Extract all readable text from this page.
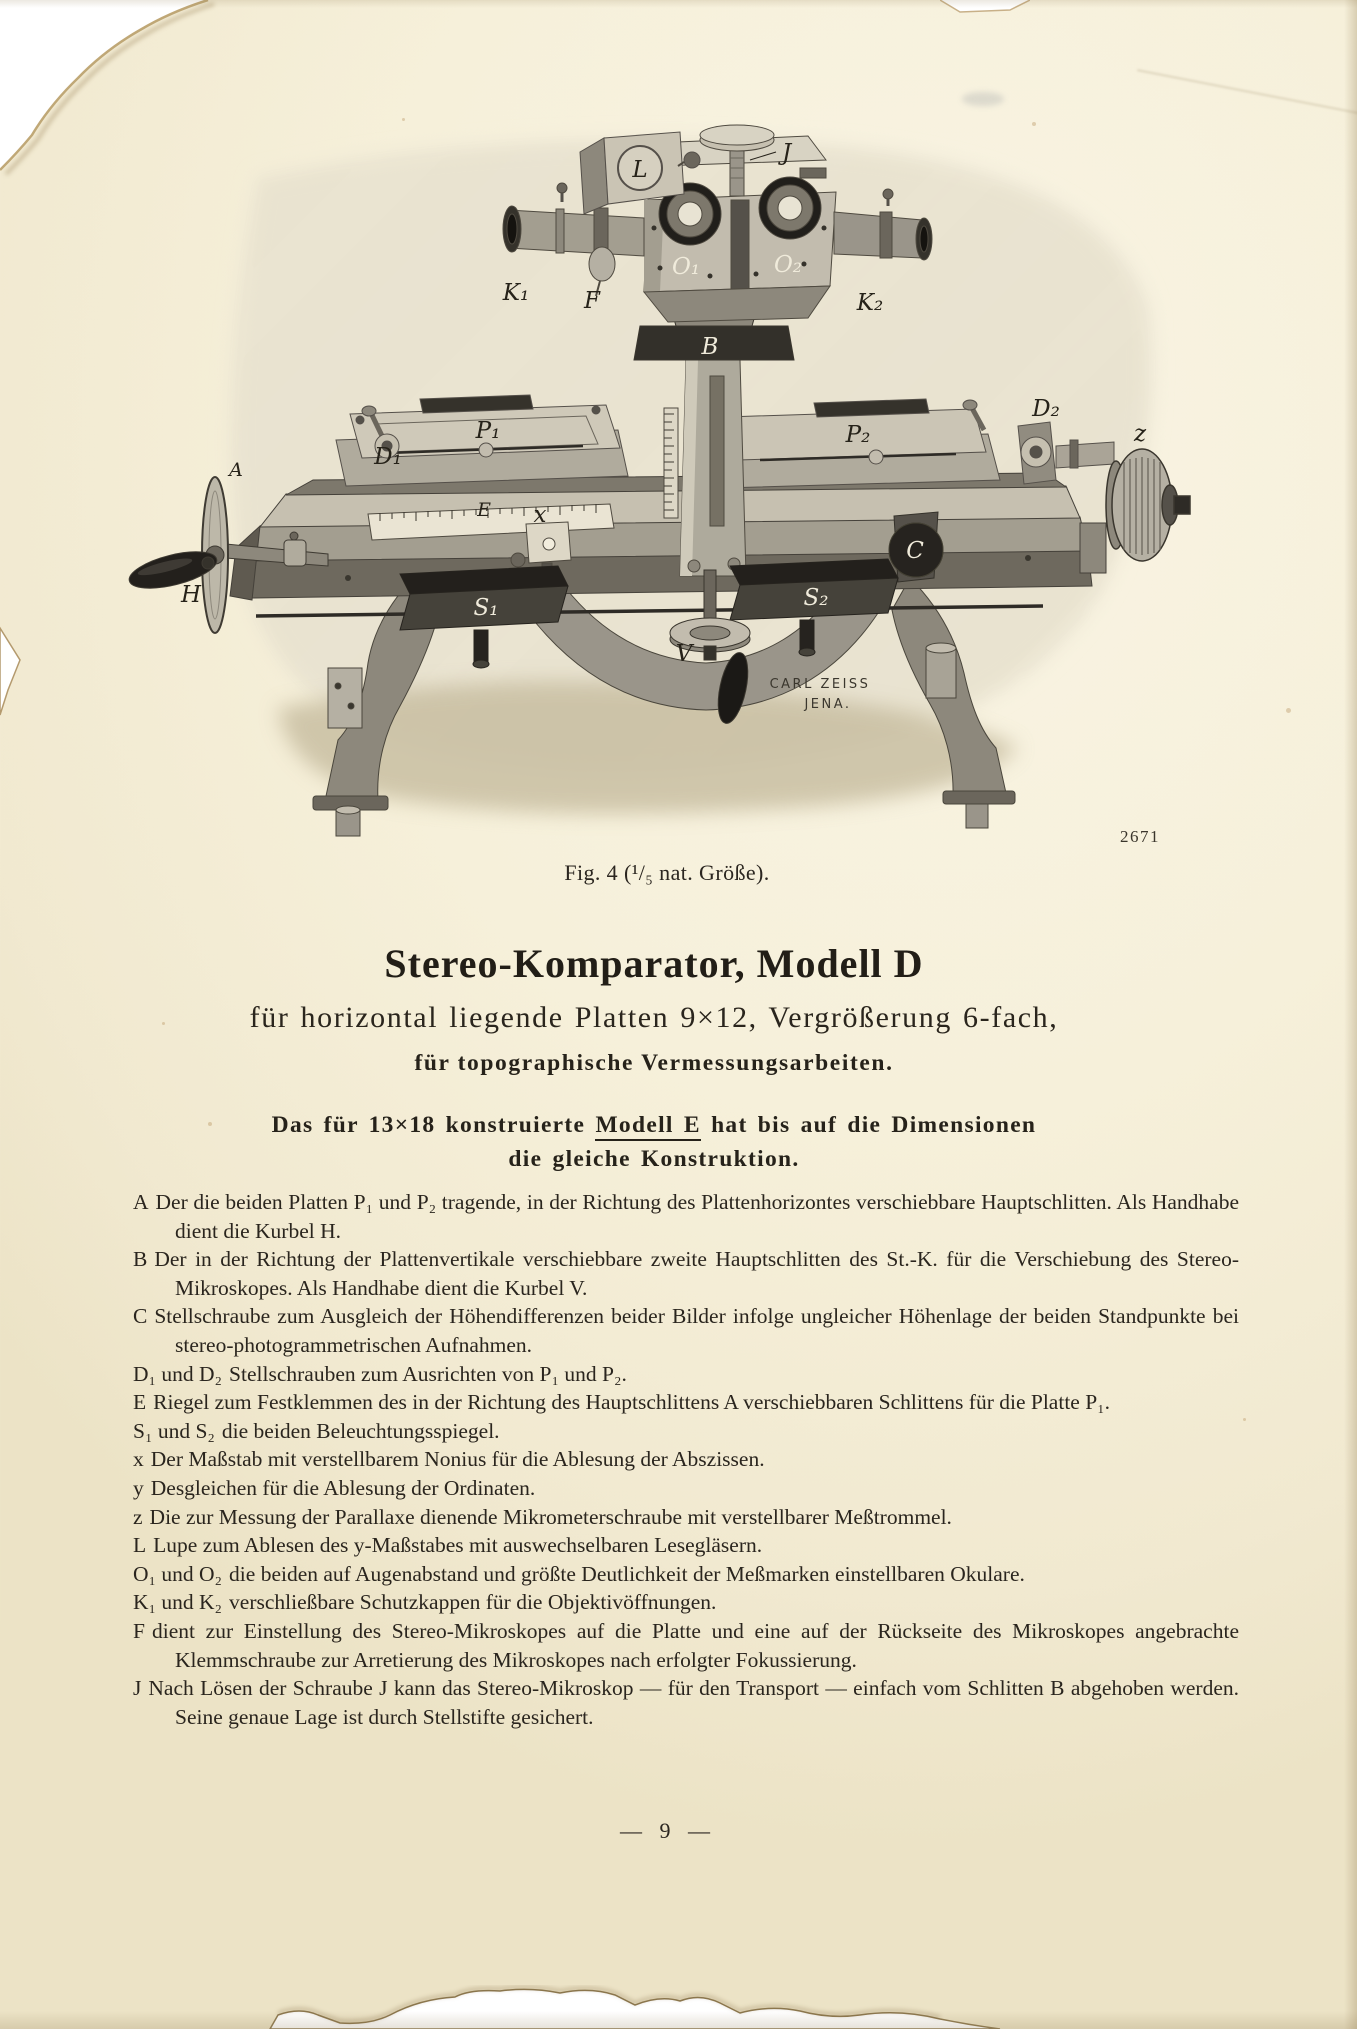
CARL ZEISS
JENA.
L
J
K₁ F
O₁	O₂
K₂
B
P₁
D₁
P₂
D₂
z
C
x
H	S₁	S₂
V
A
E
2671
Fig. 4 (¹/₅ nat. Größe).
Stereo-Komparator, Modell D
für horizontal liegende Platten 9×12, Vergrößerung 6-fach,
für topographische Vermessungsarbeiten.
Das für 13×18 konstruierte Modell E hat bis auf die Dimensionen
die gleiche Konstruktion.

A Der die beiden Platten P₁ und P₂ tragende, in der Richtung des Plattenhorizontes verschiebbare Hauptschlitten. Als Handhabe dient die Kurbel H.

B Der in der Richtung der Plattenvertikale verschiebbare zweite Hauptschlitten des St.-K. für die Verschiebung des Stereo-Mikroskopes. Als Handhabe dient die Kurbel V.

C Stellschraube zum Ausgleich der Höhendifferenzen beider Bilder infolge ungleicher Höhenlage der beiden Standpunkte bei stereo-photogrammetrischen Aufnahmen.

D₁ und D₂ Stellschrauben zum Ausrichten von P₁ und P₂.

E Riegel zum Festklemmen des in der Richtung des Hauptschlittens A verschiebbaren Schlittens für die Platte P₁.

S₁ und S₂ die beiden Beleuchtungsspiegel.

x Der Maßstab mit verstellbarem Nonius für die Ablesung der Abszissen.

y Desgleichen für die Ablesung der Ordinaten.

z Die zur Messung der Parallaxe dienende Mikrometerschraube mit verstellbarer Meßtrommel.

L Lupe zum Ablesen des y-Maßstabes mit auswechselbaren Lesegläsern.

O₁ und O₂ die beiden auf Augenabstand und größte Deutlichkeit der Meßmarken einstellbaren Okulare.

K₁ und K₂ verschließbare Schutzkappen für die Objektivöffnungen.

F dient zur Einstellung des Stereo-Mikroskopes auf die Platte und eine auf der Rückseite des Mikroskopes angebrachte Klemmschraube zur Arretierung des Mikroskopes nach erfolgter Fokussierung.

J Nach Lösen der Schraube J kann das Stereo-Mikroskop — für den Transport — einfach vom Schlitten B abgehoben werden. Seine genaue Lage ist durch Stellstifte gesichert.

— 9 —
